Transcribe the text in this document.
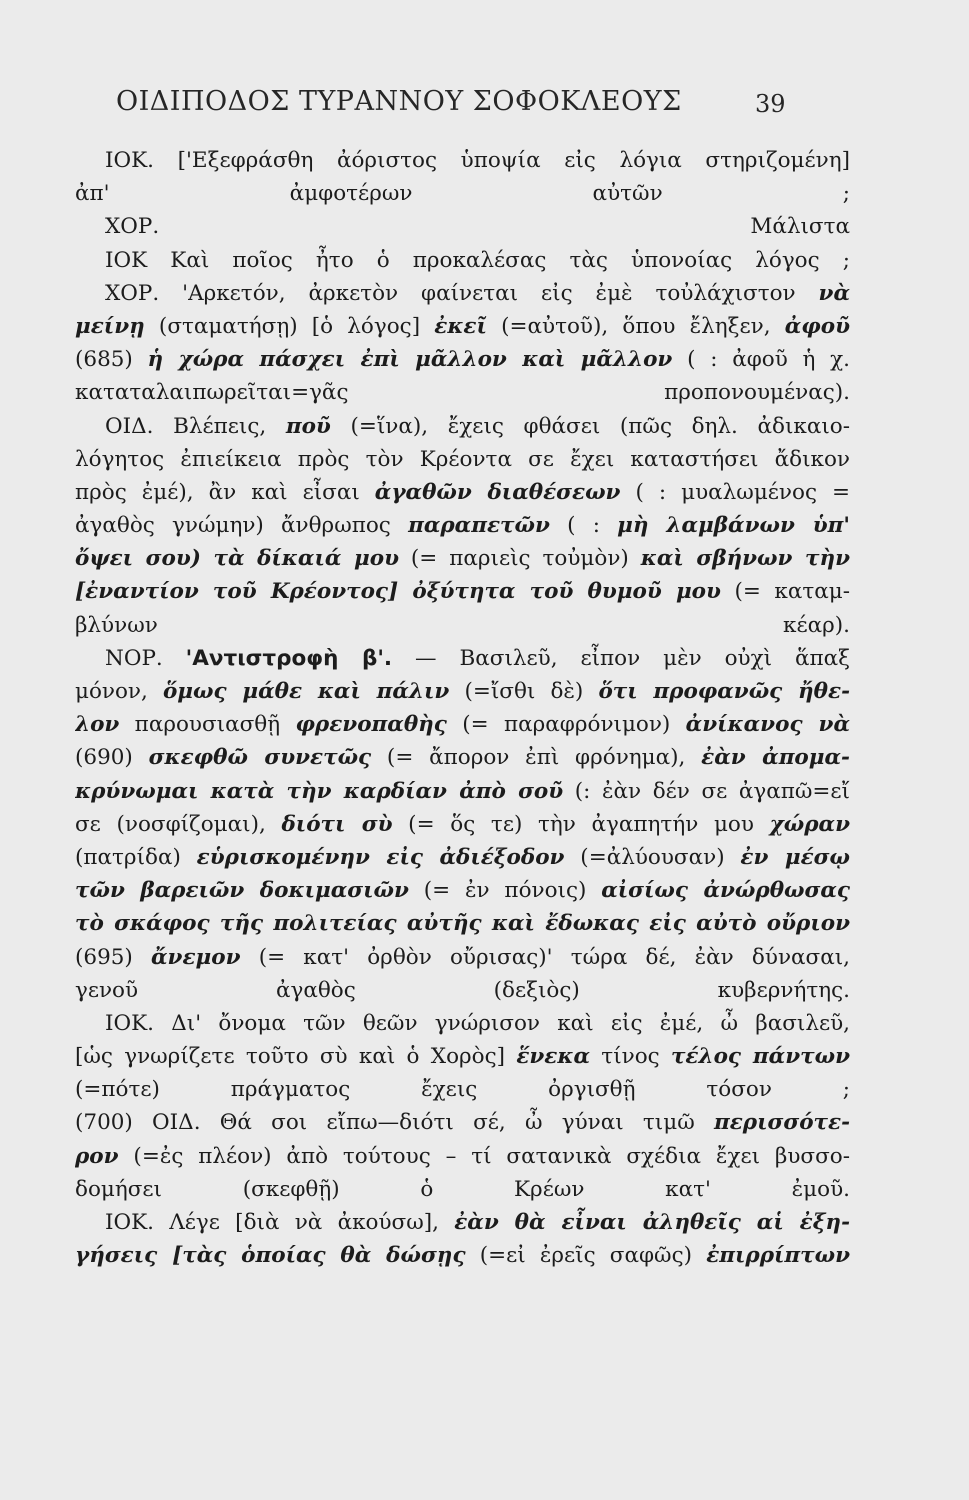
ΟΙΔΙΠΟΔΟΣ ΤΥΡΑΝΝΟΥ ΣΟΦΟΚΛΕΟΥΣ	39
ΙΟΚ. ['Εξεφράσθη ἀόριστος ὑποψία εἰς λόγια στηριζομένη]
ἀπ' ἀμφοτέρων αὐτῶν ;
ΧΟΡ. Μάλιστα
ΙΟΚ Καὶ ποῖος ἦτο ὁ προκαλέσας τὰς ὑπονοίας λόγος ;
ΧΟΡ. 'Αρκετόν, ἀρκετὸν φαίνεται εἰς ἐμὲ τοὐλάχιστον νὰ
μείνῃ (σταματήσῃ) [ὁ λόγος] ἐκεῖ (=αὐτοῦ), ὅπου ἔληξεν, ἀφοῦ
(685) ἡ χώρα πάσχει ἐπὶ μᾶλλον καὶ μᾶλλον ( : ἀφοῦ ἡ χ.
καταταλαιπωρεῖται=γᾶς προπονουμένας).
ΟΙΔ. Βλέπεις, ποῦ (=ἵνα), ἔχεις φθάσει (πῶς δηλ. ἀδικαιο-
λόγητος ἐπιείκεια πρὸς τὸν Κρέοντα σε ἔχει καταστήσει ἄδικον
πρὸς ἐμέ), ἂν καὶ εἶσαι ἀγαθῶν διαθέσεων ( : μυαλωμένος =
ἀγαθὸς γνώμην) ἄνθρωπος παραπετῶν ( : μὴ λαμβάνων ὑπ'
ὄψει σου) τὰ δίκαιά μου (= παριεὶς τοὐμὸν) καὶ σβήνων τὴν
[ἐναντίον τοῦ Κρέοντος] ὀξύτητα τοῦ θυμοῦ μου (= καταμ-
βλύνων κέαρ).
ΝΟΡ. 'Αντιστροφὴ β'. — Βασιλεῦ, εἶπον μὲν οὐχὶ ἅπαξ
μόνον, ὅμως μάθε καὶ πάλιν (=ἴσθι δὲ) ὅτι προφανῶς ἤθε-
λον παρουσιασθῇ φρενοπαθὴς (= παραφρόνιμον) ἀνίκανος νὰ
(690) σκεφθῶ συνετῶς (= ἄπορον ἐπὶ φρόνημα), ἐὰν ἀπομα-
κρύνωμαι κατὰ τὴν καρδίαν ἀπὸ σοῦ (: ἐὰν δέν σε ἀγαπῶ=εἴ
σε (νοσφίζομαι), διότι σὺ (= ὅς τε) τὴν ἀγαπητήν μου χώραν
(πατρίδα) εὑρισκομένην εἰς ἀδιέξοδον (=ἀλύουσαν) ἐν μέσῳ
τῶν βαρειῶν δοκιμασιῶν (= ἐν πόνοις) αἰσίως ἀνώρθωσας
τὸ σκάφος τῆς πολιτείας αὐτῆς καὶ ἔδωκας εἰς αὐτὸ οὔριον
(695) ἄνεμον (= κατ' ὀρθὸν οὔρισας)' τώρα δέ, ἐὰν δύνασαι,
γενοῦ ἀγαθὸς (δεξιὸς) κυβερνήτης.
ΙΟΚ. Δι' ὄνομα τῶν θεῶν γνώρισον καὶ εἰς ἐμέ, ὦ βασιλεῦ,
[ὡς γνωρίζετε τοῦτο σὺ καὶ ὁ Χορὸς] ἕνεκα τίνος τέλος πάντων
(=πότε) πράγματος ἔχεις ὀργισθῇ τόσον ;
(700) ΟΙΔ. Θά σοι εἴπω—διότι σέ, ὦ γύναι τιμῶ περισσότε-
ρον (=ἐς πλέον) ἀπὸ τούτους – τί σατανικὰ σχέδια ἔχει βυσσο-
δομήσει (σκεφθῇ) ὁ Κρέων κατ' ἐμοῦ.
ΙΟΚ. Λέγε [διὰ νὰ ἀκούσω], ἐὰν θὰ εἶναι ἀληθεῖς αἱ ἐξη-
γήσεις [τὰς ὁποίας θὰ δώσῃς (=εἰ ἐρεῖς σαφῶς) ἐπιρρίπτων
